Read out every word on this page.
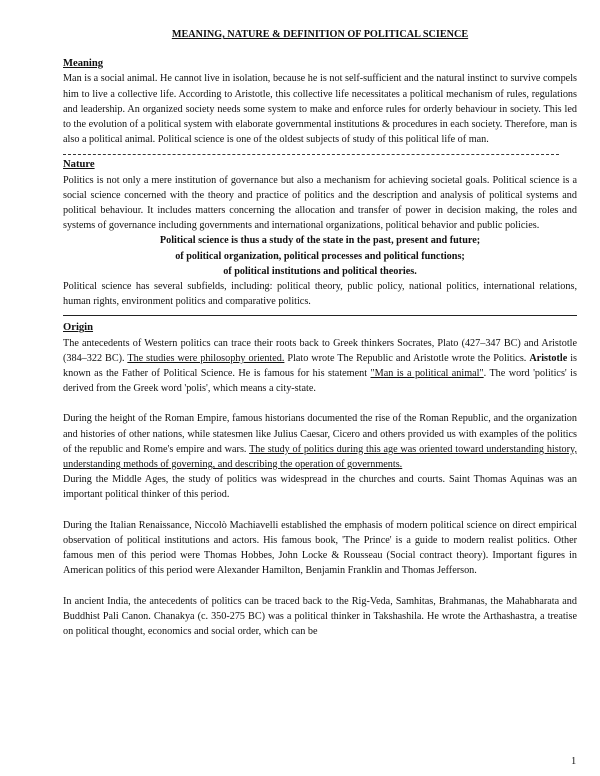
MEANING, NATURE & DEFINITION OF POLITICAL SCIENCE
Meaning

Man is a social animal. He cannot live in isolation, because he is not self-sufficient and the natural instinct to survive compels him to live a collective life. According to Aristotle, this collective life necessitates a political mechanism of rules, regulations and leadership. An organized society needs some system to make and enforce rules for orderly behaviour in society. This led to the evolution of a political system with elaborate governmental institutions & procedures in each society. Therefore, man is also a political animal. Political science is one of the oldest subjects of study of this political life of man.

Nature

Politics is not only a mere institution of governance but also a mechanism for achieving societal goals. Political science is a social science concerned with the theory and practice of politics and the description and analysis of political systems and political behaviour. It includes matters concerning the allocation and transfer of power in decision making, the roles and systems of governance including governments and international organizations, political behavior and public policies.

Political science is thus a study of the state in the past, present and future;
of political organization, political processes and political functions;
of political institutions and political theories.

Political science has several subfields, including: political theory, public policy, national politics, international relations, human rights, environment politics and comparative politics.

Origin

The antecedents of Western politics can trace their roots back to Greek thinkers Socrates, Plato (427–347 BC) and Aristotle (384–322 BC). The studies were philosophy oriented. Plato wrote The Republic and Aristotle wrote the Politics. Aristotle is known as the Father of Political Science. He is famous for his statement "Man is a political animal". The word 'politics' is derived from the Greek word 'polis', which means a city-state.

During the height of the Roman Empire, famous historians documented the rise of the Roman Republic, and the organization and histories of other nations, while statesmen like Julius Caesar, Cicero and others provided us with examples of the politics of the republic and Rome's empire and wars. The study of politics during this age was oriented toward understanding history, understanding methods of governing, and describing the operation of governments.

During the Middle Ages, the study of politics was widespread in the churches and courts. Saint Thomas Aquinas was an important political thinker of this period.

During the Italian Renaissance, Niccolò Machiavelli established the emphasis of modern political science on direct empirical observation of political institutions and actors. His famous book, 'The Prince' is a guide to modern realist politics. Other famous men of this period were Thomas Hobbes, John Locke & Rousseau (Social contract theory). Important figures in American politics of this period were Alexander Hamilton, Benjamin Franklin and Thomas Jefferson.

In ancient India, the antecedents of politics can be traced back to the Rig-Veda, Samhitas, Brahmanas, the Mahabharata and Buddhist Pali Canon. Chanakya (c. 350-275 BC) was a political thinker in Takshashila. He wrote the Arthashastra, a treatise on political thought, economics and social order, which can be

1
